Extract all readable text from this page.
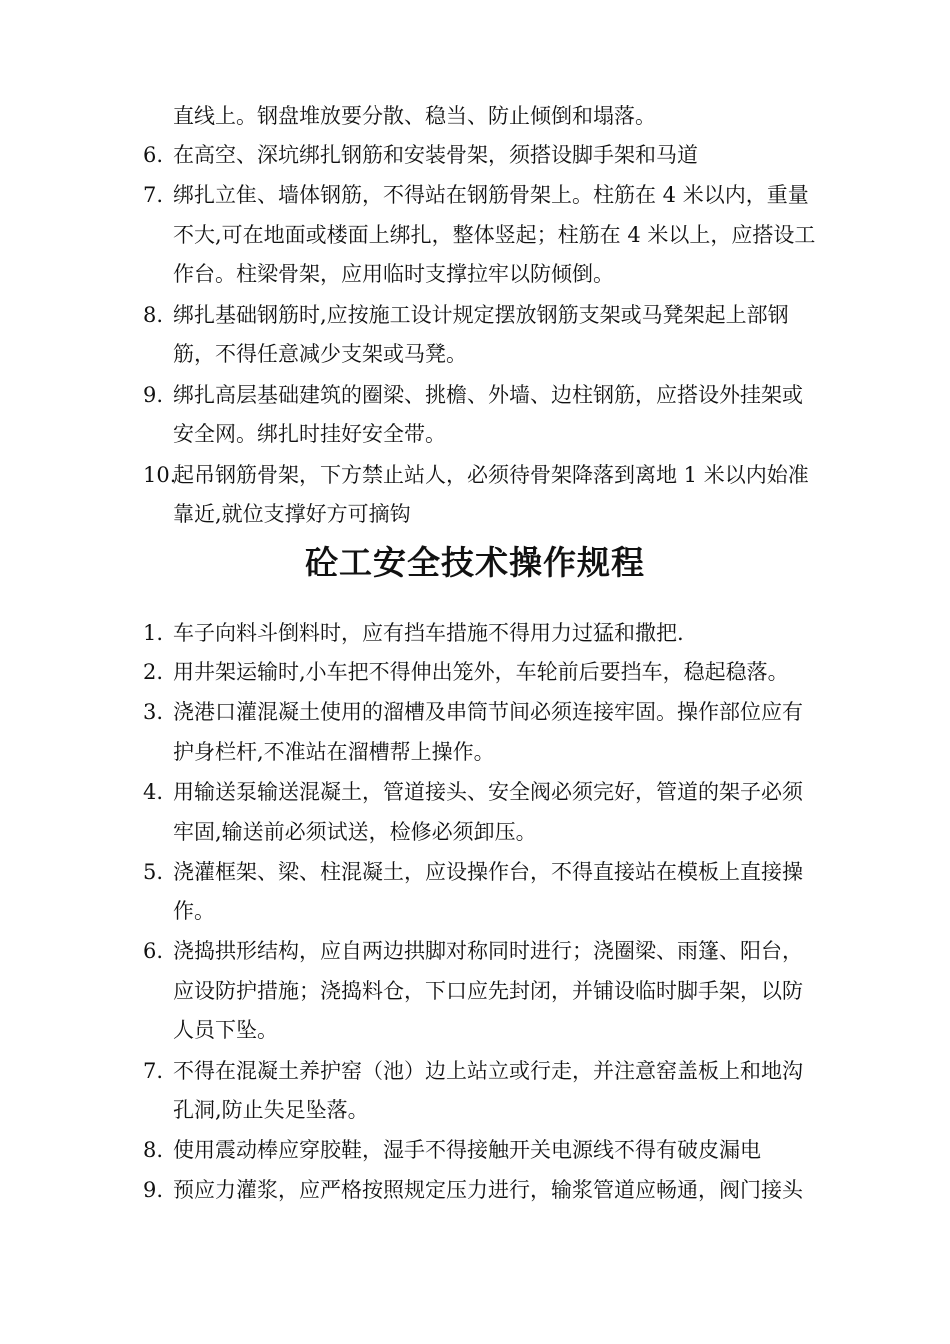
直线上。钢盘堆放要分散、稳当、防止倾倒和塌落。
6. 在高空、深坑绑扎钢筋和安装骨架，须搭设脚手架和马道
7. 绑扎立隹、墙体钢筋，不得站在钢筋骨架上。柱筋在 4 米以内，重量
不大,可在地面或楼面上绑扎，整体竖起；柱筋在 4 米以上，应搭设工
作台。柱梁骨架，应用临时支撑拉牢以防倾倒。
8. 绑扎基础钢筋时,应按施工设计规定摆放钢筋支架或马凳架起上部钢
筋，不得任意减少支架或马凳。
9. 绑扎高层基础建筑的圈梁、挑檐、外墙、边柱钢筋，应搭设外挂架或
安全网。绑扎时挂好安全带。
10.
起吊钢筋骨架，下方禁止站人，必须待骨架降落到离地 1 米以内始准
靠近,就位支撑好方可摘钩
砼工安全技术操作规程
1. 车子向料斗倒料时，应有挡车措施不得用力过猛和撒把.
2. 用井架运输时,小车把不得伸出笼外，车轮前后要挡车，稳起稳落。
3. 浇港口灌混凝土使用的溜槽及串筒节间必须连接牢固。操作部位应有
护身栏杆,不准站在溜槽帮上操作。
4. 用输送泵输送混凝土，管道接头、安全阀必须完好，管道的架子必须
牢固,输送前必须试送，检修必须卸压。
5. 浇灌框架、梁、柱混凝土，应设操作台，不得直接站在模板上直接操
作。
6. 浇捣拱形结构，应自两边拱脚对称同时进行；浇圈梁、雨篷、阳台，
应设防护措施；浇捣料仓，下口应先封闭，并铺设临时脚手架，以防
人员下坠。
7. 不得在混凝土养护窑（池）边上站立或行走，并注意窑盖板上和地沟
孔洞,防止失足坠落。
8. 使用震动棒应穿胶鞋，湿手不得接触开关电源线不得有破皮漏电
9. 预应力灌浆，应严格按照规定压力进行，输浆管道应畅通，阀门接头
